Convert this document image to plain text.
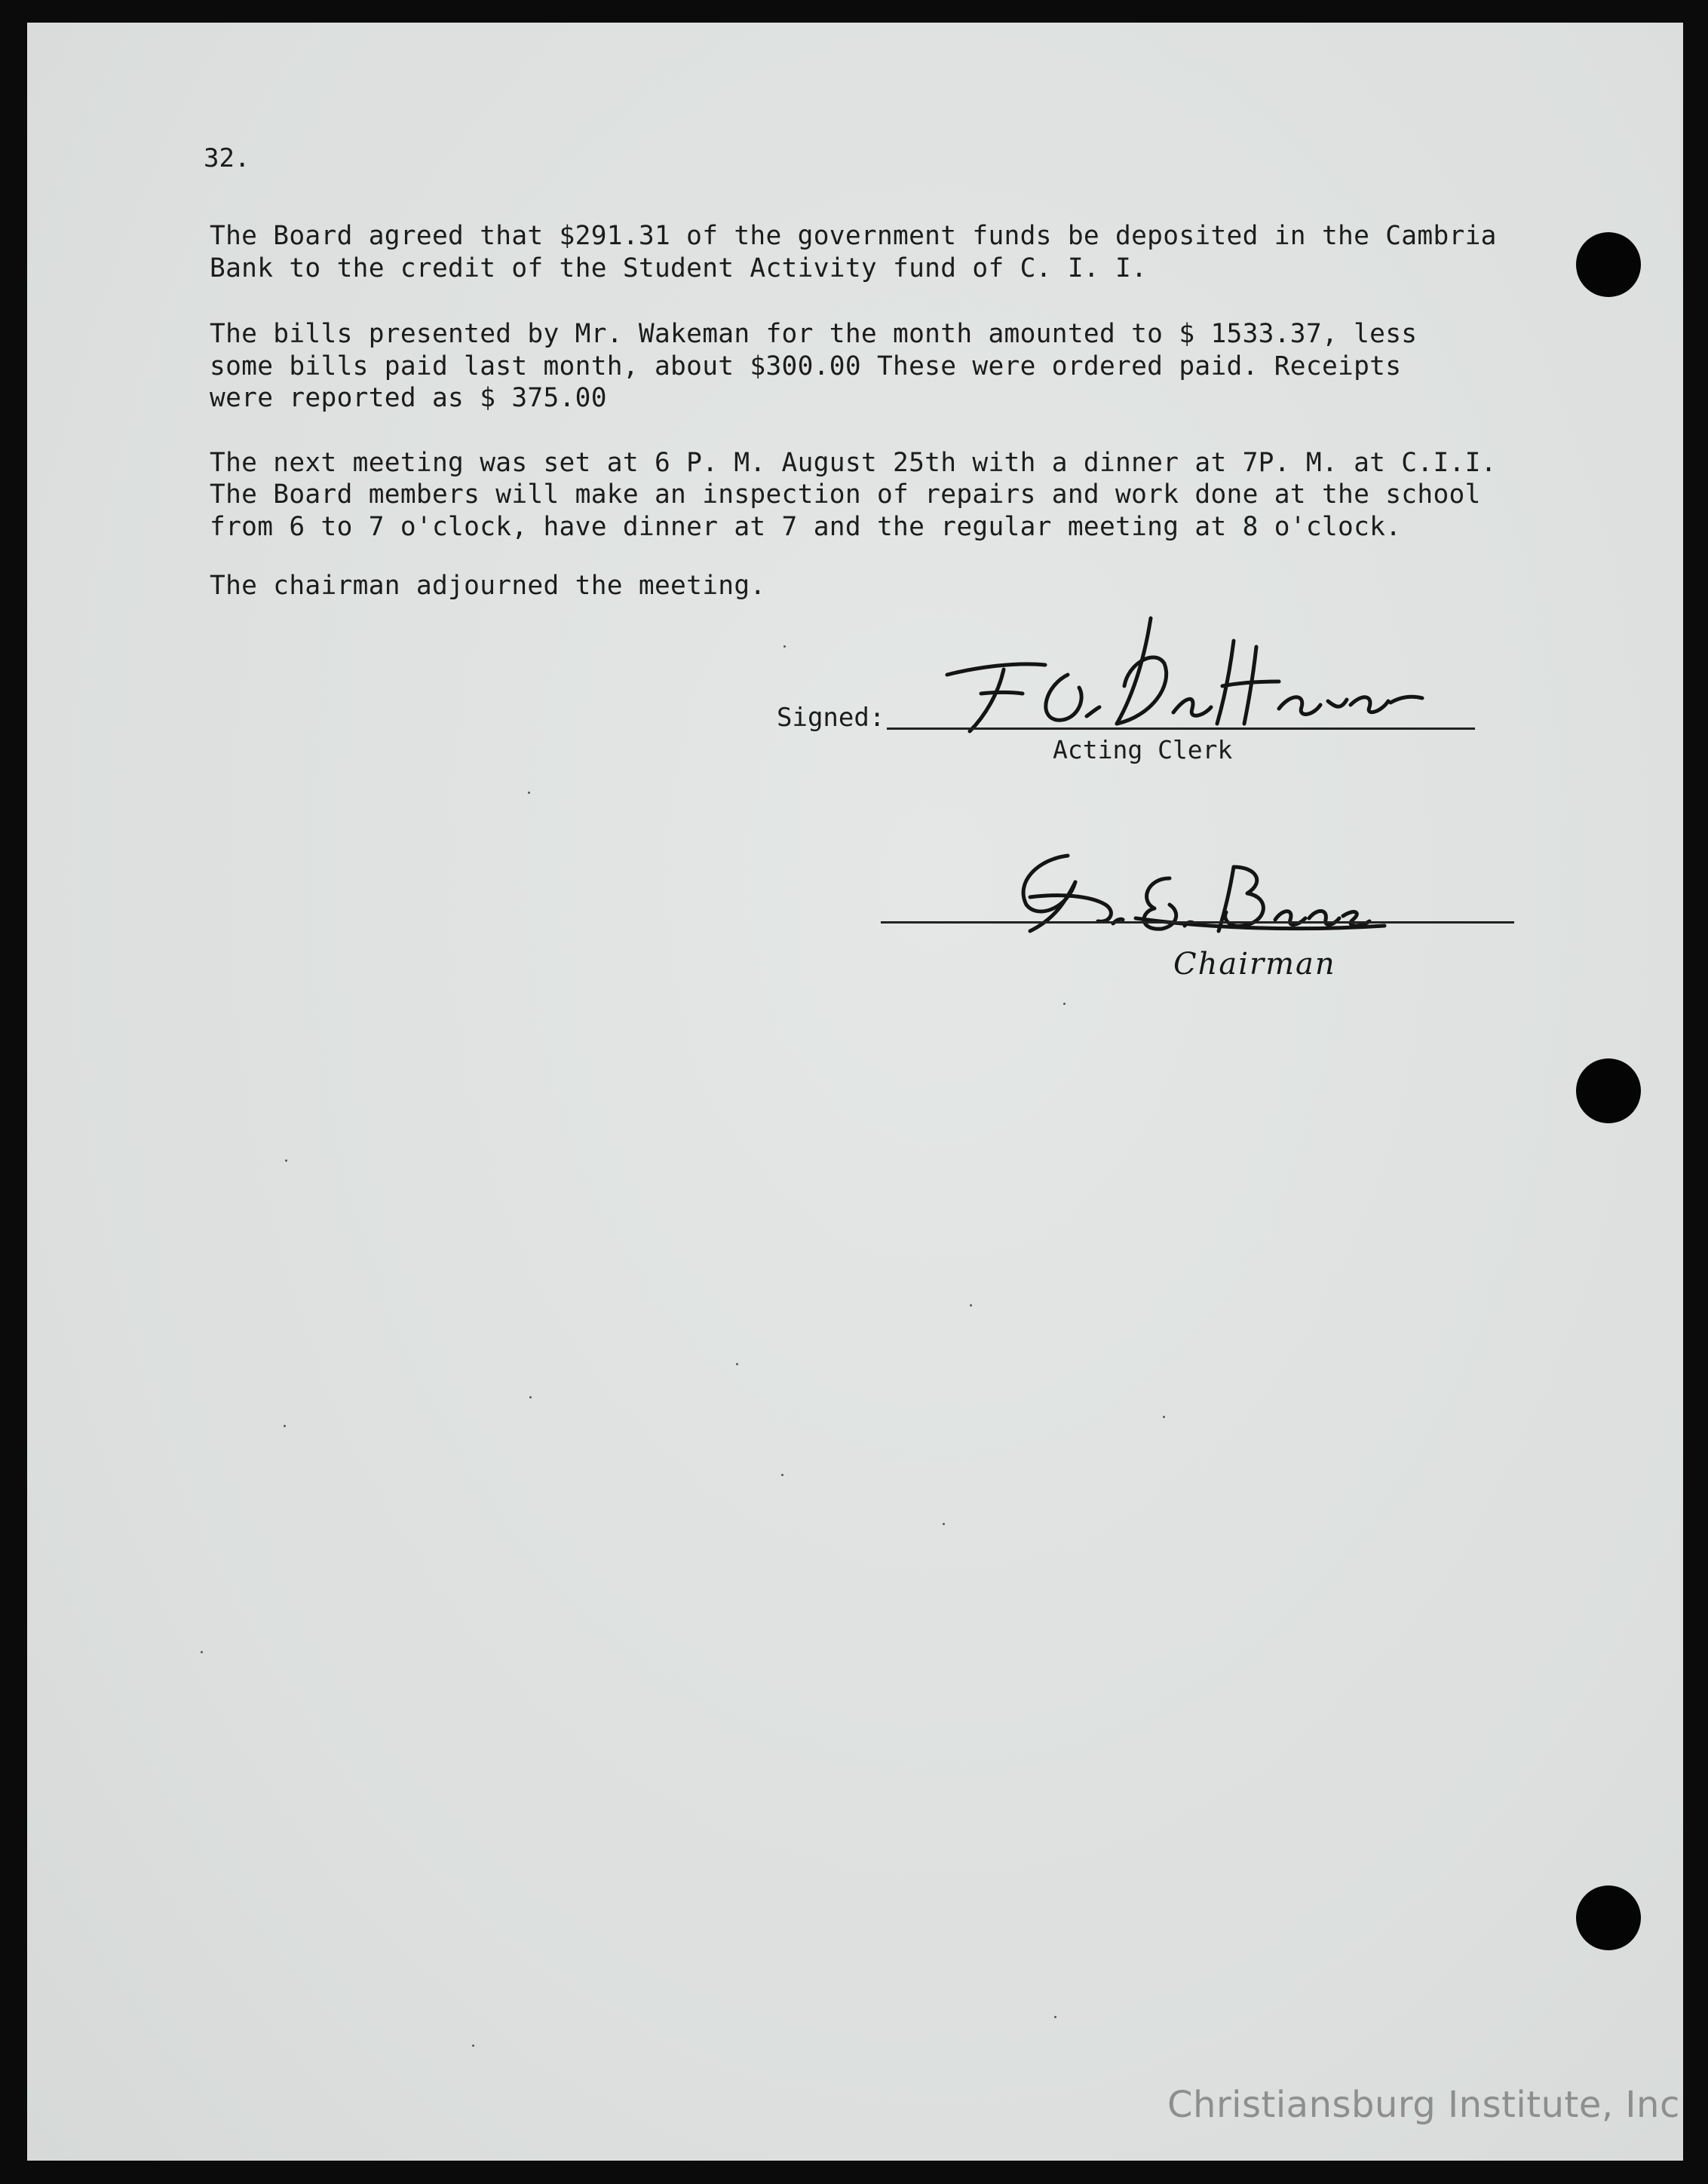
32.

The Board agreed that $291.31 of the government funds be deposited in the Cambria
Bank to the credit of the Student Activity fund of C. I. I.

The bills presented by Mr. Wakeman for the month amounted to $ 1533.37, less
some bills paid last month, about $300.00 These were ordered paid. Receipts
were reported as $ 375.00

The next meeting was set at 6 P. M. August 25th with a dinner at 7P. M. at C.I.I.
The Board members will make an inspection of repairs and work done at the school
from 6 to 7 o'clock, have dinner at 7 and the regular meeting at 8 o'clock.

The chairman adjourned the meeting.

Signed:
Acting Clerk
Chairman
Christiansburg Institute, Inc
